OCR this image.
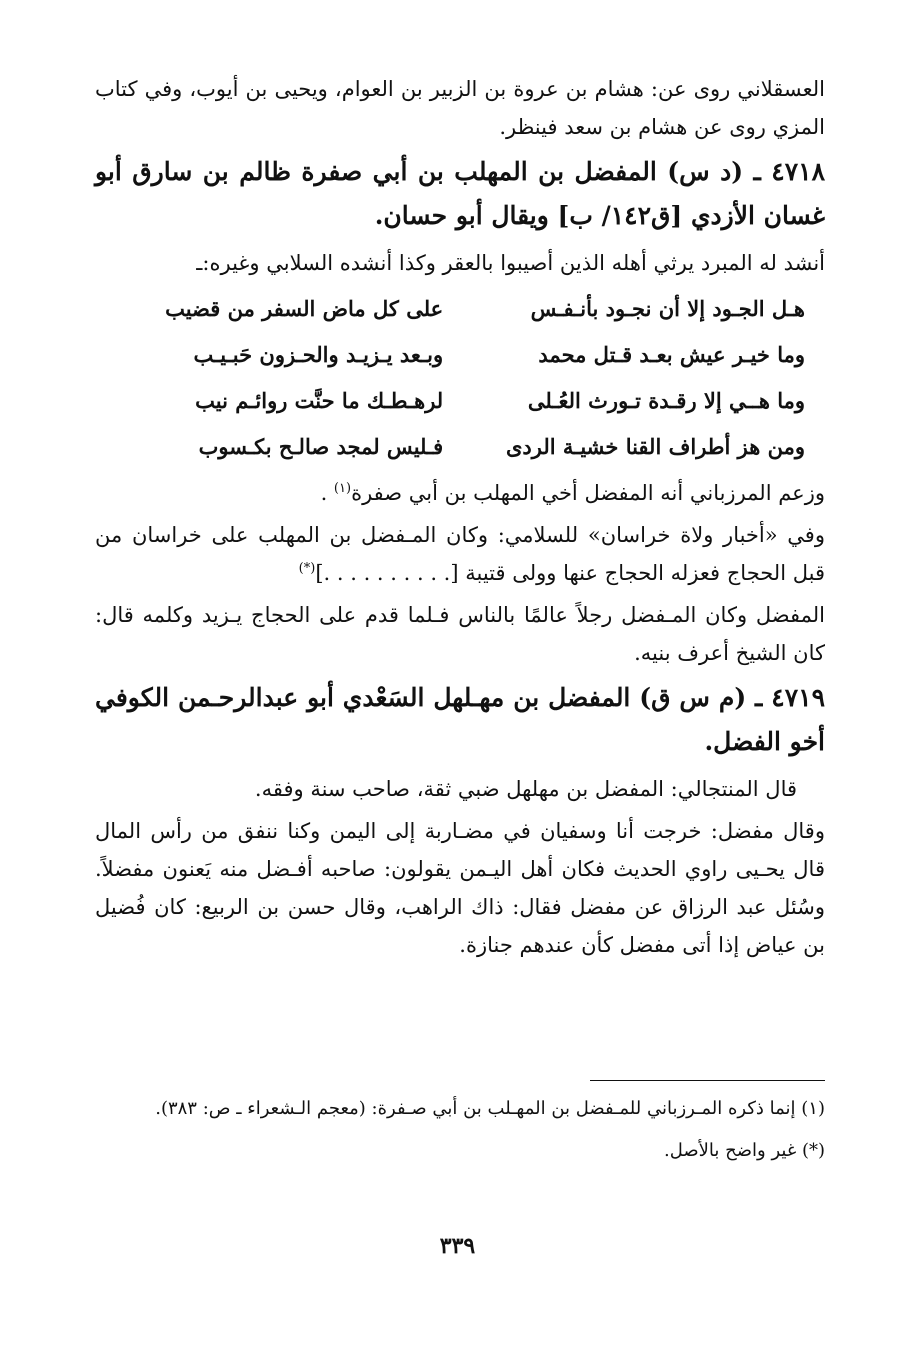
العسقلاني روى عن: هشام بن عروة بن الزبير بن العوام، ويحيى بن أيوب، وفي كتاب المزي روى عن هشام بن سعد فينظر.

٤٧١٨ ـ (د س) المفضل بن المهلب بن أبي صفرة ظالم بن سارق أبو غسان الأزدي [ق١٤٢/ ب] ويقال أبو حسان.

أنشد له المبرد يرثي أهله الذين أصيبوا بالعقر وكذا أنشده السلابي وغيره:ـ

هـل الجـود إلا أن نجـود بأنـفـس
على كل ماض السفر من قضيب
وما خيـر عيش بعـد قـتل محمد
وبـعد يـزيـد والحـزون حَبـيـب
وما هــي إلا رقـدة تـورث العُـلى
لرهـطـك ما حنَّت روائـم نيب
ومن هز أطراف القنا خشيـة الردى
فـليس لمجد صالـح بكـسوب

وزعم المرزباني أنه المفضل أخي المهلب بن أبي صفرة$^{(١)}$ .

وفي «أخبار ولاة خراسان» للسلامي: وكان المـفضل بن المهلب على خراسان من قبل الحجاج فعزله الحجاج عنها وولى قتيبة [. . . . . . . . . .](*)

المفضل وكان المـفضل رجلاً عالمًا بالناس فـلما قدم على الحجاج يـزيد وكلمه قال: كان الشيخ أعرف بنيه.

٤٧١٩ ـ (م س ق) المفضل بن مهـلهل السَعْدي أبو عبدالرحـمن الكوفي أخو الفضل.

قال المنتجالي: المفضل بن مهلهل ضبي ثقة، صاحب سنة وفقه.

وقال مفضل: خرجت أنا وسفيان في مضـاربة إلى اليمن وكنا ننفق من رأس المال قال يحـيى راوي الحديث فكان أهل اليـمن يقولون: صاحبه أفـضل منه يَعنون مفضلاً. وسُئل عبد الرزاق عن مفضل فقال: ذاك الراهب، وقال حسن بن الربيع: كان فُضيل بن عياض إذا أتى مفضل كأن عندهم جنازة.

(١) إنما ذكره المـرزباني للمـفضل بن المهـلب بن أبي صـفرة: (معجم الـشعراء ـ ص: ٣٨٣).

(*) غير واضح بالأصل.

٣٣٩
